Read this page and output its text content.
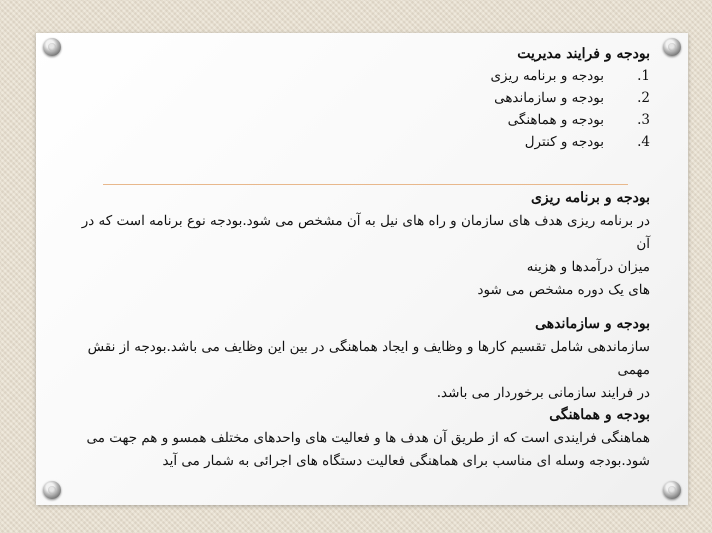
بودجه و فرایند مدیریت
1.
بودجه و برنامه ریزی
2.
بودجه و سازماندهی
3.
بودجه و هماهنگی
4.
بودجه و کنترل

بودجه و برنامه ریزی

در برنامه ریزی هدف های سازمان و راه های نیل به آن مشخص می شود.بودجه نوع برنامه است که در آن

میزان درآمدها و هزینه

های یک دوره مشخص می شود

بودجه و سازماندهی

سازماندهی شامل تقسیم کارها و وظایف و ایجاد هماهنگی در بین این وظایف می باشد.بودجه از نقش مهمی

در فرایند سازمانی برخوردار می باشد.

بودجه و هماهنگی

هماهنگی فرایندی است که از طریق آن هدف ها و فعالیت های واحدهای مختلف همسو و هم جهت می

شود.بودجه وسله ای مناسب برای هماهنگی فعالیت دستگاه های اجرائی به شمار می آید
